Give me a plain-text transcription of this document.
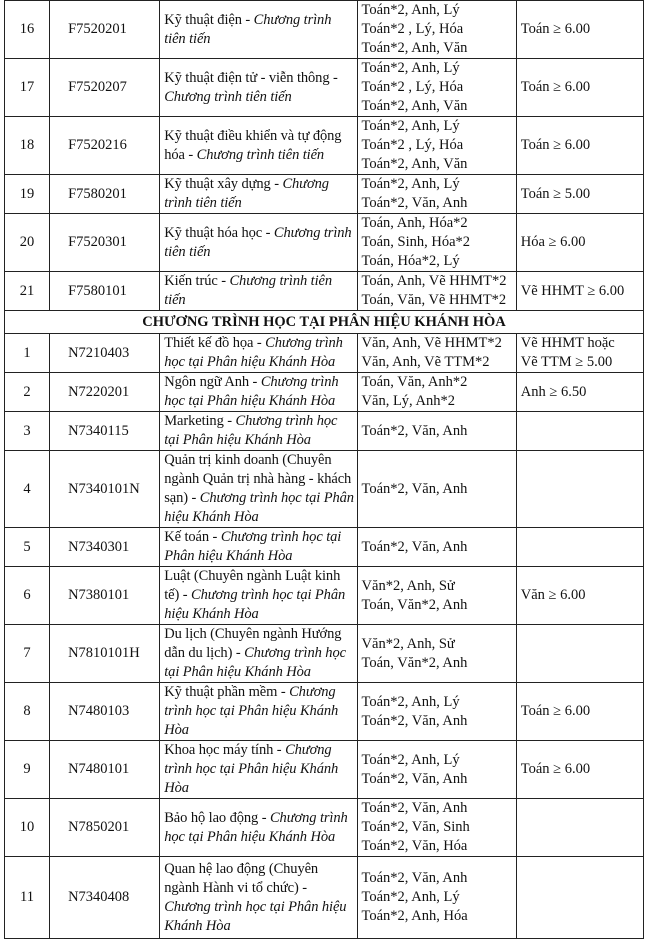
16	F7520201	Kỹ thuật điện - Chương trình
tiên tiến	Toán*2, Anh, Lý
Toán*2 , Lý, Hóa
Toán*2, Anh, Văn	Toán ≥ 6.00

17	F7520207	Kỹ thuật điện tử - viễn thông -
Chương trình tiên tiến	Toán*2, Anh, Lý
Toán*2 , Lý, Hóa
Toán*2, Anh, Văn	Toán ≥ 6.00

18	F7520216	Kỹ thuật điều khiển và tự động
hóa - Chương trình tiên tiến	Toán*2, Anh, Lý
Toán*2 , Lý, Hóa
Toán*2, Anh, Văn	Toán ≥ 6.00

19	F7580201	Kỹ thuật xây dựng - Chương
trình tiên tiến	Toán*2, Anh, Lý
Toán*2, Văn, Anh	Toán ≥ 5.00

20	F7520301	Kỹ thuật hóa học - Chương trình
tiên tiến	Toán, Anh, Hóa*2
Toán, Sinh, Hóa*2
Toán, Hóa*2, Lý	Hóa ≥ 6.00

21	F7580101	Kiến trúc - Chương trình tiên
tiến	Toán, Anh, Vẽ HHMT*2
Toán, Văn, Vẽ HHMT*2	Vẽ HHMT ≥ 6.00

CHƯƠNG TRÌNH HỌC TẠI PHÂN HIỆU KHÁNH HÒA				
1	N7210403	Thiết kế đồ họa - Chương trình
học tại Phân hiệu Khánh Hòa	Văn, Anh, Vẽ HHMT*2
Văn, Anh, Vẽ TTM*2	Vẽ HHMT hoặc
Vẽ TTM ≥ 5.00

2	N7220201	Ngôn ngữ Anh - Chương trình
học tại Phân hiệu Khánh Hòa	Toán, Văn, Anh*2
Văn, Lý, Anh*2	Anh ≥ 6.50

3	N7340115	Marketing - Chương trình học
tại Phân hiệu Khánh Hòa	Toán*2, Văn, Anh	

4	N7340101N	Quản trị kinh doanh (Chuyên
ngành Quản trị nhà hàng - khách
sạn) - Chương trình học tại Phân
hiệu Khánh Hòa	Toán*2, Văn, Anh	

5	N7340301	Kế toán - Chương trình học tại
Phân hiệu Khánh Hòa	Toán*2, Văn, Anh	

6	N7380101	Luật (Chuyên ngành Luật kinh
tế) - Chương trình học tại Phân
hiệu Khánh Hòa	Văn*2, Anh, Sử
Toán, Văn*2, Anh	Văn ≥ 6.00

7	N7810101H	Du lịch (Chuyên ngành Hướng
dẫn du lịch) - Chương trình học
tại Phân hiệu Khánh Hòa	Văn*2, Anh, Sử
Toán, Văn*2, Anh	

8	N7480103	Kỹ thuật phần mềm - Chương
trình học tại Phân hiệu Khánh
Hòa	Toán*2, Anh, Lý
Toán*2, Văn, Anh	Toán ≥ 6.00

9	N7480101	Khoa học máy tính - Chương
trình học tại Phân hiệu Khánh
Hòa	Toán*2, Anh, Lý
Toán*2, Văn, Anh	Toán ≥ 6.00

10	N7850201	Bảo hộ lao động - Chương trình
học tại Phân hiệu Khánh Hòa	Toán*2, Văn, Anh
Toán*2, Văn, Sinh
Toán*2, Văn, Hóa	

11	N7340408	Quan hệ lao động (Chuyên
ngành Hành vi tổ chức) -
Chương trình học tại Phân hiệu
Khánh Hòa	Toán*2, Văn, Anh
Toán*2, Anh, Lý
Toán*2, Anh, Hóa	
